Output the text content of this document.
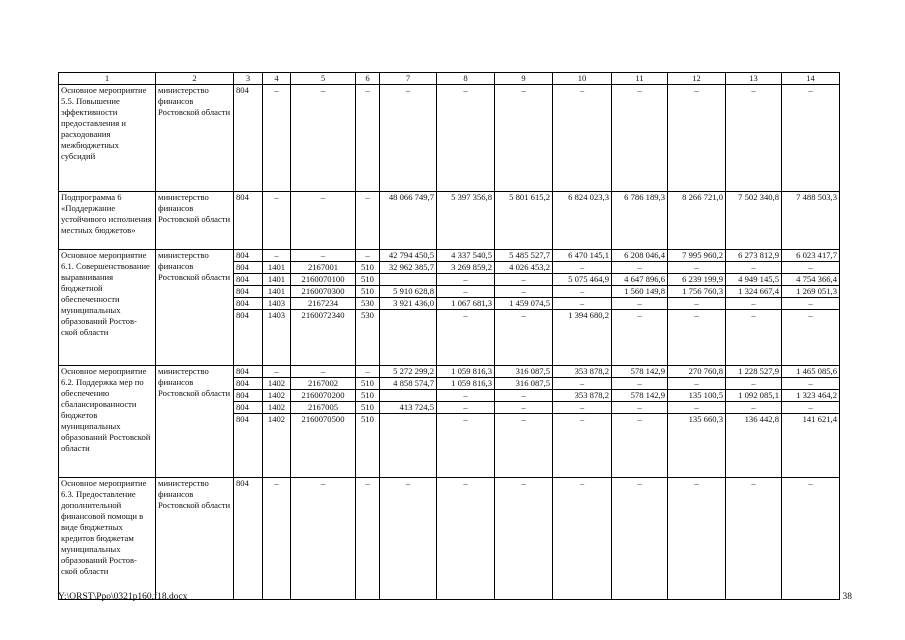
1	2	3	4	5	6	7	8	9	10	11	12	13	14
Основное мероприятие 5.5. Повышение эффективности предоставления и расходования межбюджетных субсидий	министерство финансов Ростовской области	804	–	–	–	–	–	–	–	–	–	–	–
Подпрограмма 6 «Поддержание устойчивого исполнения местных бюджетов»	министерство финансов Ростовской области	804	–	–	–	48 066 749,7	5 397 356,8	5 801 615,2	6 824 023,3	6 786 189,3	8 266 721,0	7 502 340,8	7 488 503,3
Основное мероприятие 6.1. Совершенствование выравнивания бюджетной обеспеченности муниципальных образований Ростов-ской области	министерство финансов Ростовской области	804	–	–	–	42 794 450,5	4 337 540,5	5 485 527,7	6 470 145,1	6 208 046,4	7 995 960,2	6 273 812,9	6 023 417,7
		804	1401	2167001	510	32 962 385,7	3 269 859,2	4 026 453,2	–	–	–	–	–
		804	1401	2160070100	510		–	–	5 075 464,9	4 647 896,6	6 239 199,9	4 949 145,5	4 754 366,4
		804	1401	2160070300	510	5 910 628,8	–	–	–	1 560 149,8	1 756 760,3	1 324 667,4	1 269 051,3
		804	1403	2167234	530	3 921 436,0	1 067 681,3	1 459 074,5	–	–	–	–	–
		804	1403	2160072340	530		–	–	1 394 680,2	–	–	–	–
Основное мероприятие 6.2. Поддержка мер по обеспечению сбалансированности бюджетов муниципальных образований Ростовской области	министерство финансов Ростовской области	804	–	–	–	5 272 299,2	1 059 816,3	316 087,5	353 878,2	578 142,9	270 760,8	1 228 527,9	1 465 085,6
		804	1402	2167002	510	4 858 574,7	1 059 816,3	316 087,5	–	–	–	–	–
		804	1402	2160070200	510		–	–	353 878,2	578 142,9	135 100,5	1 092 085,1	1 323 464,2
		804	1402	2167005	510	413 724,5	–	–	–	–	–	–	–
		804	1402	2160070500	510		–	–	–	–	135 660,3	136 442,8	141 621,4
Основное мероприятие 6.3. Предоставление дополнительной финансовой помощи в виде бюджетных кредитов бюджетам муниципальных образований Ростов-ской области	министерство финансов Ростовской области	804	–	–	–	–	–	–	–	–	–	–	–
Y:\ORST\Ppo\0321p160.f18.docx	38
